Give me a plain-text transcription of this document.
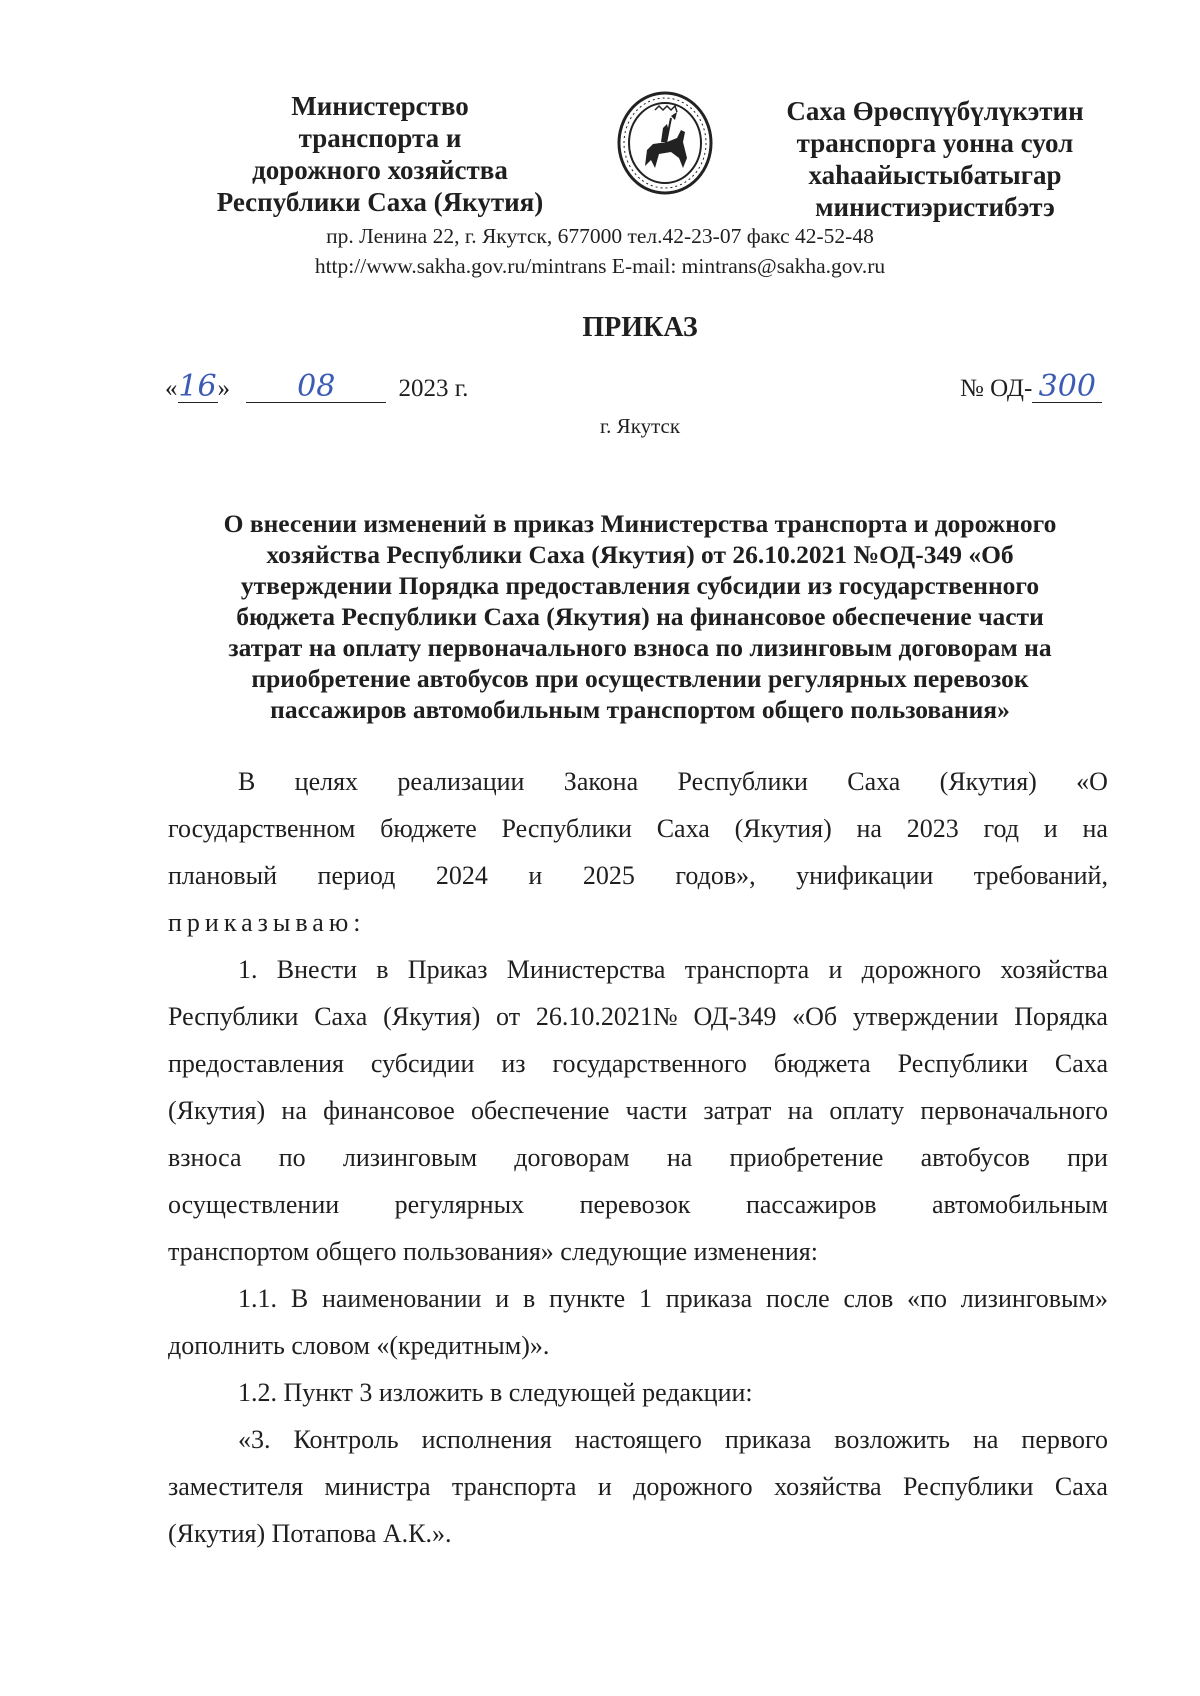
Министерство
транспорта и
дорожного хозяйства
Республики Саха (Якутия)
Саха Өрөспүүбүлүкэтин
транспорга уонна суол
хаһаайыстыбатыгар
министиэристибэтэ
пр. Ленина 22, г. Якутск, 677000 тел.42-23-07 факс 42-52-48
http://www.sakha.gov.ru/mintrans E-mail: mintrans@sakha.gov.ru
ПРИКАЗ
«16» 08	2023 г.	№ ОД- 300
г. Якутск
О внесении изменений в приказ Министерства транспорта и дорожного
хозяйства Республики Саха (Якутия) от 26.10.2021 №ОД-349 «Об
утверждении Порядка предоставления субсидии из государственного
бюджета Республики Саха (Якутия) на финансовое обеспечение части
затрат на оплату первоначального взноса по лизинговым договорам на
приобретение автобусов при осуществлении регулярных перевозок
пассажиров автомобильным транспортом общего пользования»
В целях реализации Закона Республики Саха (Якутия) «О
государственном бюджете Республики Саха (Якутия) на 2023 год и на
плановый период 2024 и 2025 годов», унификации требований,
приказываю:
1. Внести в Приказ Министерства транспорта и дорожного хозяйства
Республики Саха (Якутия) от 26.10.2021№ ОД-349 «Об утверждении Порядка
предоставления субсидии из государственного бюджета Республики Саха
(Якутия) на финансовое обеспечение части затрат на оплату первоначального
взноса по лизинговым договорам на приобретение автобусов при
осуществлении регулярных перевозок пассажиров автомобильным
транспортом общего пользования» следующие изменения:
1.1. В наименовании и в пункте 1 приказа после слов «по лизинговым»
дополнить словом «(кредитным)».
1.2. Пункт 3 изложить в следующей редакции:
«3. Контроль исполнения настоящего приказа возложить на первого
заместителя министра транспорта и дорожного хозяйства Республики Саха
(Якутия) Потапова А.К.».
